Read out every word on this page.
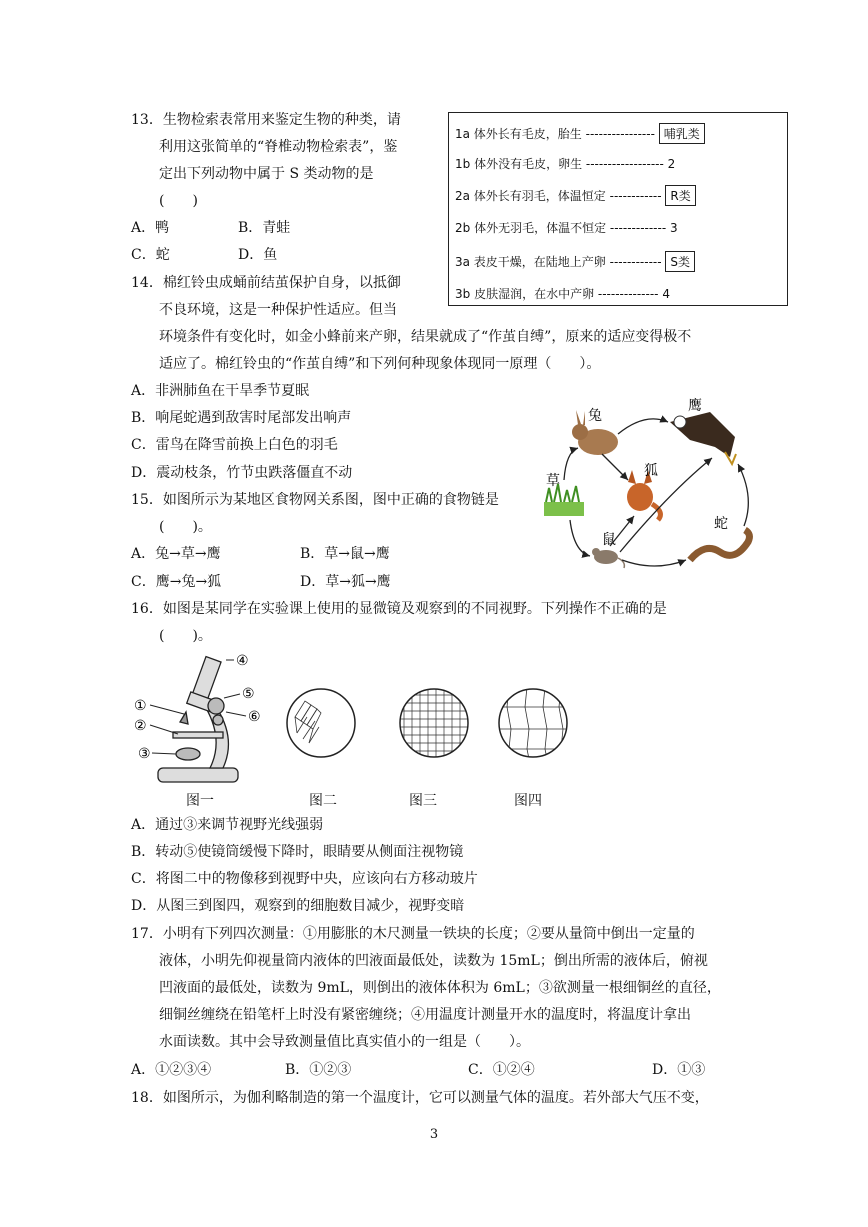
13．生物检索表常用来鉴定生物的种类，请
利用这张简单的“脊椎动物检索表”，鉴
定出下列动物中属于 S 类动物的是
(　　)
A．鸭	B．青蛙
C．蛇	D．鱼
1a 体外长有毛皮，胎生 ---------------- 哺乳类
1b 体外没有毛皮，卵生 ------------------ 2
2a 体外长有羽毛，体温恒定 ------------ R类
2b 体外无羽毛，体温不恒定 ------------- 3
3a 表皮干燥，在陆地上产卵 ------------ S类
3b 皮肤湿润，在水中产卵 -------------- 4
14．棉红铃虫成蛹前结茧保护自身，以抵御
不良环境，这是一种保护性适应。但当
环境条件有变化时，如金小蜂前来产卵，结果就成了“作茧自缚”，原来的适应变得极不
适应了。棉红铃虫的“作茧自缚”和下列何种现象体现同一原理（　　）。
A．非洲肺鱼在干旱季节夏眠
B．响尾蛇遇到敌害时尾部发出响声
C．雷鸟在降雪前换上白色的羽毛
D．震动枝条，竹节虫跌落僵直不动
兔
鹰
草
狐
鼠
蛇
15．如图所示为某地区食物网关系图，图中正确的食物链是
(　　)。
A．兔→草→鹰	B．草→鼠→鹰
C．鹰→兔→狐	D．草→狐→鹰
16．如图是某同学在实验课上使用的显微镜及观察到的不同视野。下列操作不正确的是
(　　)。
④
⑤
⑥
①
②
③
图一	图二	图三	图四
A．通过③来调节视野光线强弱
B．转动⑤使镜筒缓慢下降时，眼睛要从侧面注视物镜
C．将图二中的物像移到视野中央，应该向右方移动玻片
D．从图三到图四，观察到的细胞数目减少，视野变暗
17．小明有下列四次测量：①用膨胀的木尺测量一铁块的长度；②要从量筒中倒出一定量的
液体，小明先仰视量筒内液体的凹液面最低处，读数为 15mL；倒出所需的液体后，俯视
凹液面的最低处，读数为 9mL，则倒出的液体体积为 6mL；③欲测量一根细铜丝的直径，
细铜丝缠绕在铅笔杆上时没有紧密缠绕；④用温度计测量开水的温度时，将温度计拿出
水面读数。其中会导致测量值比真实值小的一组是（　　）。
A．①②③④	B．①②③	C．①②④	D．①③
18．如图所示，为伽利略制造的第一个温度计，它可以测量气体的温度。若外部大气压不变，
3
